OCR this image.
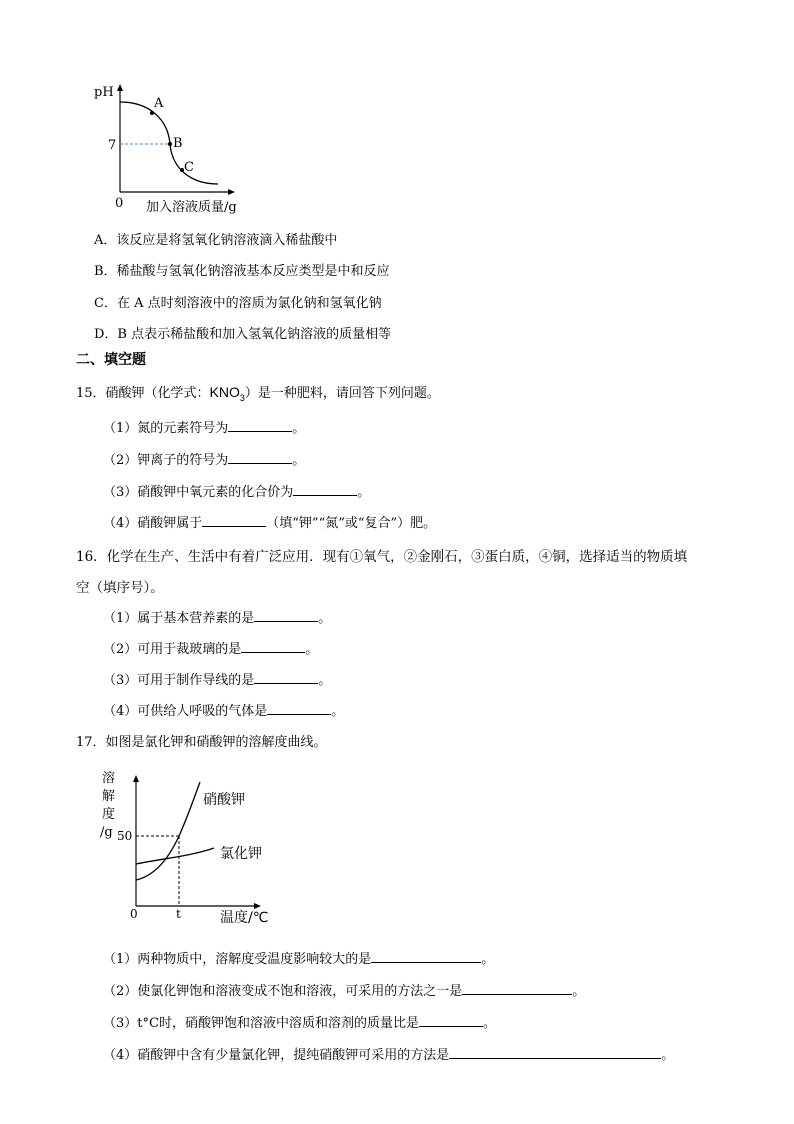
pH
7
0
A
B
C
加入溶液质量/g
A．该反应是将氢氧化钠溶液滴入稀盐酸中
B．稀盐酸与氢氧化钠溶液基本反应类型是中和反应
C．在 A 点时刻溶液中的溶质为氯化钠和氢氧化钠
D．B 点表示稀盐酸和加入氢氧化钠溶液的质量相等
二、填空题
15．硝酸钾（化学式：$KNO_3$）是一种肥料，请回答下列问题。
（1）氮的元素符号为	。
（2）钾离子的符号为	。
（3）硝酸钾中氧元素的化合价为	。
（4）硝酸钾属于	（填“钾”“氮”或“复合”）肥。
16．化学在生产、生活中有着广泛应用．现有①氧气，②金刚石，③蛋白质，④铜，选择适当的物质填
空（填序号）。
（1）属于基本营养素的是	。
（2）可用于裁玻璃的是	。
（3）可用于制作导线的是	。
（4）可供给人呼吸的气体是	。
17．如图是氯化钾和硝酸钾的溶解度曲线。
溶
解
度
/g 50
0	t	温度/℃
硝酸钾
氯化钾
（1）两种物质中，溶解度受温度影响较大的是	。
（2）使氯化钾饱和溶液变成不饱和溶液，可采用的方法之一是	。
（3）t°C时，硝酸钾饱和溶液中溶质和溶剂的质量比是	。
（4）硝酸钾中含有少量氯化钾，提纯硝酸钾可采用的方法是	。
